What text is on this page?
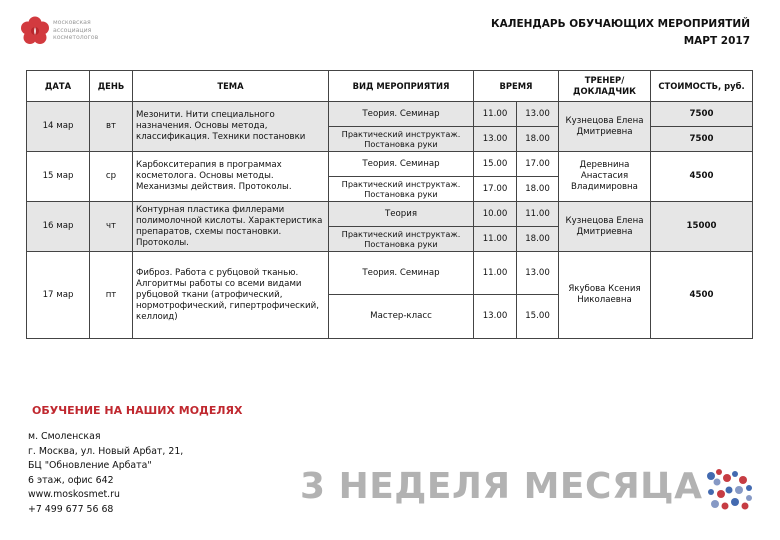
московская
ассоциация
косметологов
КАЛЕНДАРЬ ОБУЧАЮЩИХ МЕРОПРИЯТИЙ
МАРТ 2017
ДАТА	ДЕНЬ	ТЕМА	ВИД МЕРОПРИЯТИЯ	ВРЕМЯ		ТРЕНЕР/ ДОКЛАДЧИК	СТОИМОСТЬ, руб.
14 мар	вт	Мезонити. Нити специального назначения. Основы метода, классификация. Техники постановки	Теория. Семинар	11.00	13.00	Кузнецова Елена Дмитриевна	7500
			Практический инструктаж. Постановка руки	13.00	18.00		7500
15 мар	ср	Карбокситерапия в программах косметолога. Основы методы. Механизмы действия. Протоколы.	Теория. Семинар	15.00	17.00	Деревнина Анастасия Владимировна	4500
			Практический инструктаж. Постановка руки	17.00	18.00		
16 мар	чт	Контурная пластика филлерами полимолочной кислоты. Характеристика препаратов, схемы постановки. Протоколы.	Теория	10.00	11.00	Кузнецова Елена Дмитриевна	15000
			Практический инструктаж. Постановка руки	11.00	18.00		
17 мар	пт	Фиброз. Работа с рубцовой тканью. Алгоритмы работы со всеми видами рубцовой ткани (атрофический, нормотрофический, гипертрофический, келлоид)	Теория. Семинар	11.00	13.00	Якубова Ксения Николаевна	4500
			Мастер-класс	13.00	15.00		
ОБУЧЕНИЕ НА НАШИХ МОДЕЛЯХ
м. Смоленская
г. Москва, ул. Новый Арбат, 21,
БЦ "Обновление Арбата"
6 этаж, офис 642
www.moskosmet.ru
+7 499 677 56 68
3 НЕДЕЛЯ МЕСЯЦА
